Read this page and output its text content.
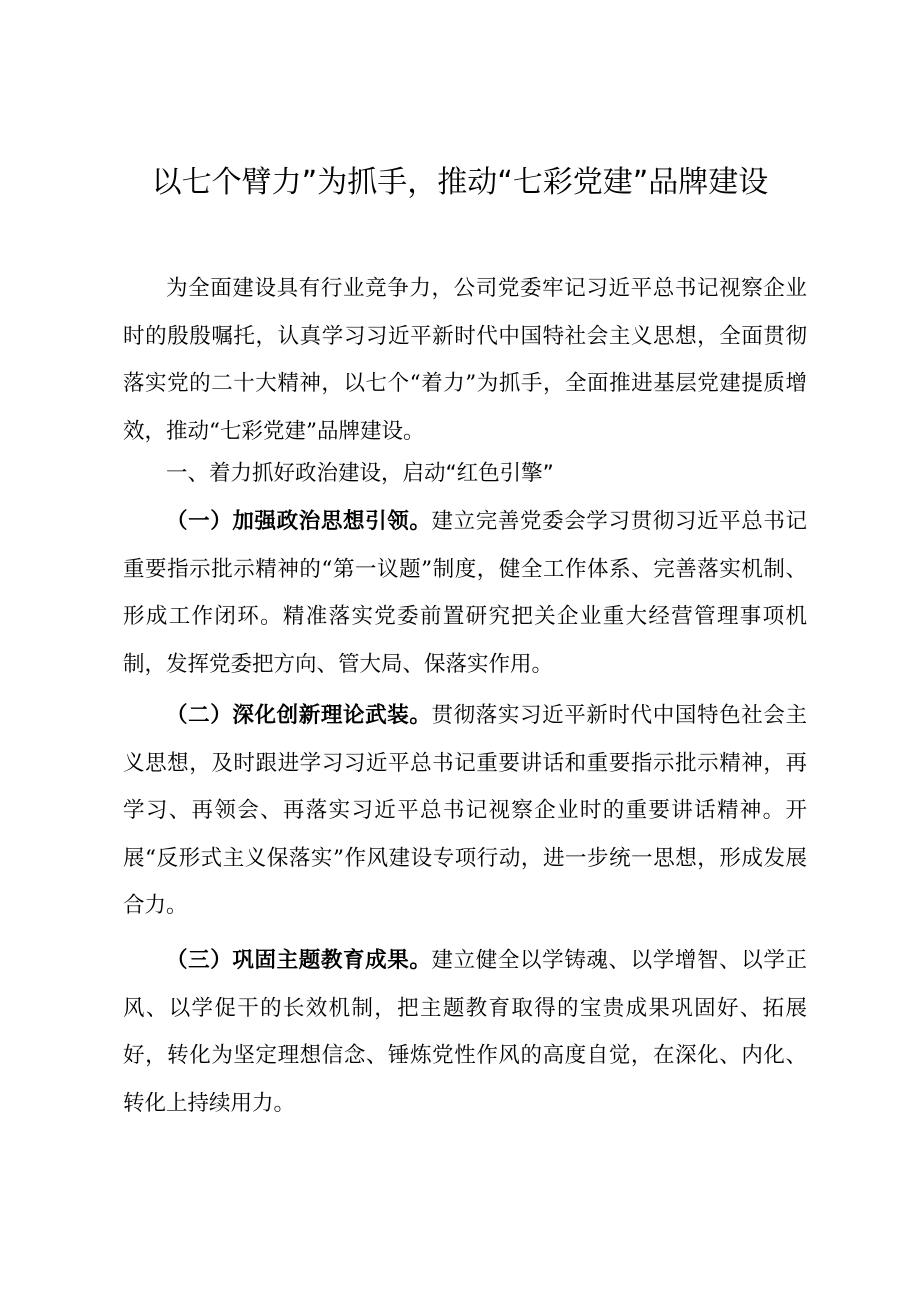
以七个臂力”为抓手，推动“七彩党建”品牌建设

为全面建设具有行业竞争力，公司党委牢记习近平总书记视察企业时的殷殷嘱托，认真学习习近平新时代中国特社会主义思想，全面贯彻落实党的二十大精神，以七个“着力”为抓手，全面推进基层党建提质增效，推动“七彩党建”品牌建设。

一、着力抓好政治建设，启动“红色引擎”

（一）加强政治思想引领。建立完善党委会学习贯彻习近平总书记重要指示批示精神的“第一议题”制度，健全工作体系、完善落实机制、形成工作闭环。精准落实党委前置研究把关企业重大经营管理事项机制，发挥党委把方向、管大局、保落实作用。

（二）深化创新理论武装。贯彻落实习近平新时代中国特色社会主义思想，及时跟进学习习近平总书记重要讲话和重要指示批示精神，再学习、再领会、再落实习近平总书记视察企业时的重要讲话精神。开展“反形式主义保落实”作风建设专项行动，进一步统一思想，形成发展合力。

（三）巩固主题教育成果。建立健全以学铸魂、以学增智、以学正风、以学促干的长效机制，把主题教育取得的宝贵成果巩固好、拓展好，转化为坚定理想信念、锤炼党性作风的高度自觉，在深化、内化、转化上持续用力。
